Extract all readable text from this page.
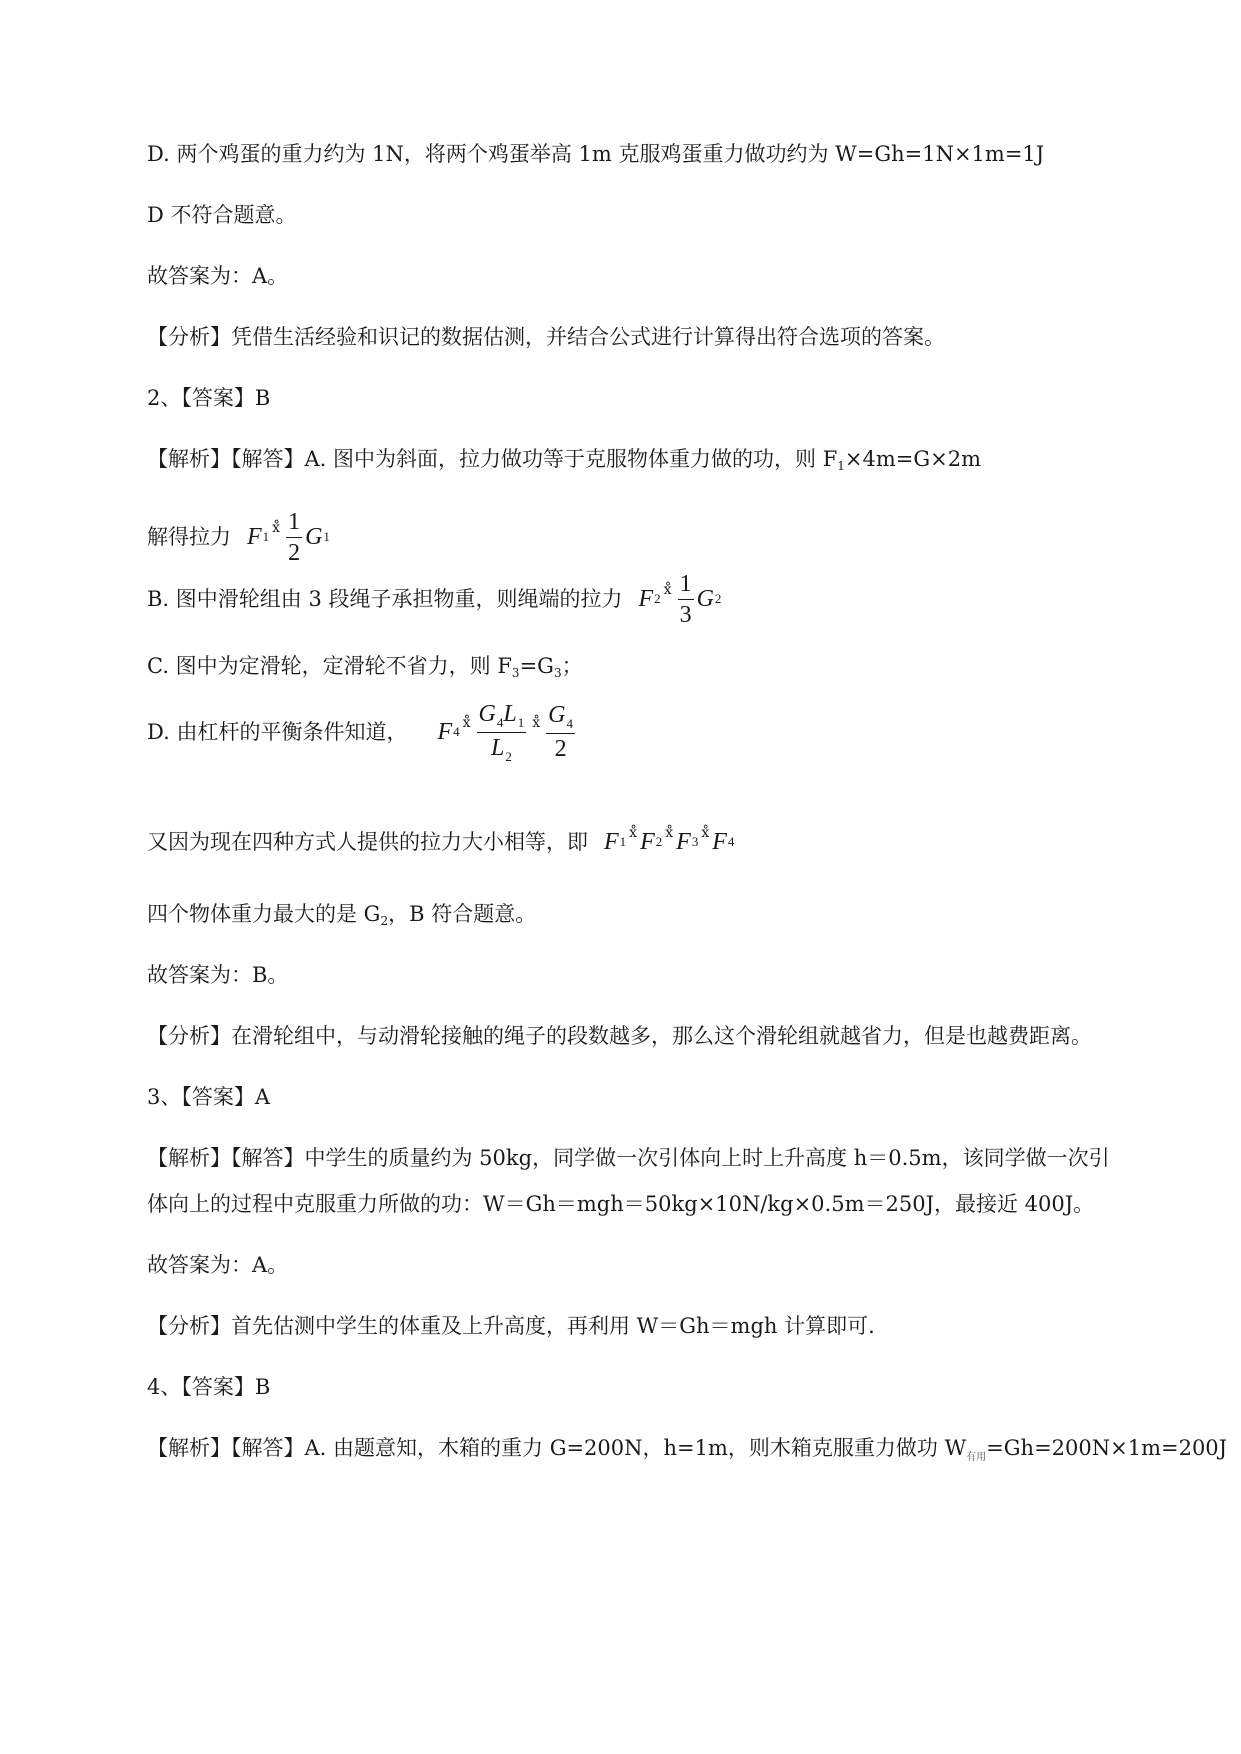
D. 两个鸡蛋的重力约为 1N，将两个鸡蛋举高 1m 克服鸡蛋重力做功约为 W=Gh=1N×1m=1J
D 不符合题意。
故答案为：A。
【分析】凭借生活经验和识记的数据估测，并结合公式进行计算得出符合选项的答案。
2、【答案】B
【解析】【解答】A. 图中为斜面，拉力做功等于克服物体重力做的功，则 $F_1\times 4m=G\times 2m$
解得拉力 F 1
ⅹ̊ $\frac{1}{2}$ G 1
B. 图中滑轮组由 3 段绳子承担物重，则绳端的拉力 F 2
ⅹ̊ $\frac{1}{3}$ G 2
C. 图中为定滑轮，定滑轮不省力，则 $F_3=G_3$；
D. 由杠杆的平衡条件知道， F 4
ⅹ̊ $\frac{G_4L_1}{L_2}$ ⅹ̊ $\frac{G_4}{2}$
又因为现在四种方式人提供的拉力大小相等，即 F 1
ⅹ̊ F 2
ⅹ̊ F 3
ⅹ̊ F 4
四个物体重力最大的是 $G_2$，B 符合题意。
故答案为：B。
【分析】在滑轮组中，与动滑轮接触的绳子的段数越多，那么这个滑轮组就越省力，但是也越费距离。
3、【答案】A
【解析】【解答】中学生的质量约为 50kg，同学做一次引体向上时上升高度 h＝0.5m，该同学做一次引
体向上的过程中克服重力所做的功：W＝Gh＝mgh＝50kg×10N/kg×0.5m＝250J，最接近 400J。
故答案为：A。
【分析】首先估测中学生的体重及上升高度，再利用 W＝Gh＝mgh 计算即可.
4、【答案】B
【解析】【解答】A. 由题意知，木箱的重力 G=200N，h=1m，则木箱克服重力做功 $W_{有用}=Gh=200N\times 1m=200J$
